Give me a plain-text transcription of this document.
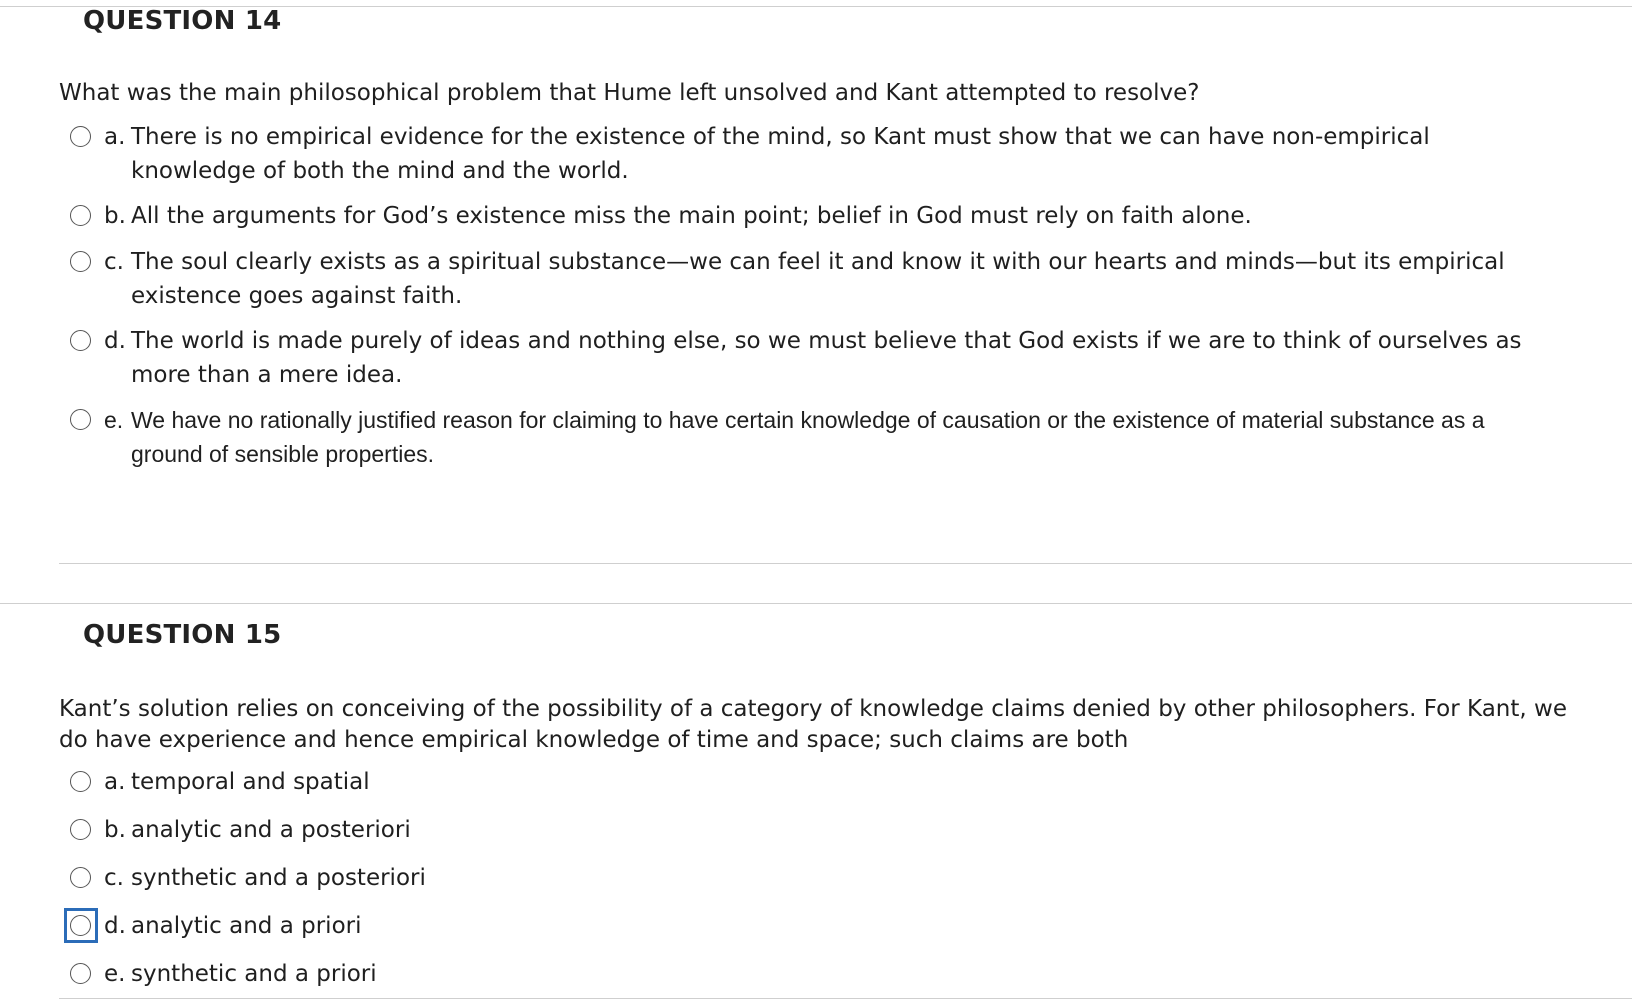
QUESTION 14

What was the main philosophical problem that Hume left unsolved and Kant attempted to resolve?

a. There is no empirical evidence for the existence of the mind, so Kant must show that we can have non-empirical knowledge of both the mind and the world.
b. All the arguments for God’s existence miss the main point; belief in God must rely on faith alone.
c. The soul clearly exists as a spiritual substance—we can feel it and know it with our hearts and minds—but its empirical existence goes against faith.
d. The world is made purely of ideas and nothing else, so we must believe that God exists if we are to think of ourselves as more than a mere idea.
e. We have no rationally justified reason for claiming to have certain knowledge of causation or the existence of material substance as a ground of sensible properties.
QUESTION 15

Kant’s solution relies on conceiving of the possibility of a category of knowledge claims denied by other philosophers. For Kant, we do have experience and hence empirical knowledge of time and space; such claims are both

a. temporal and spatial
b. analytic and a posteriori
c. synthetic and a posteriori
d. analytic and a priori
e. synthetic and a priori
